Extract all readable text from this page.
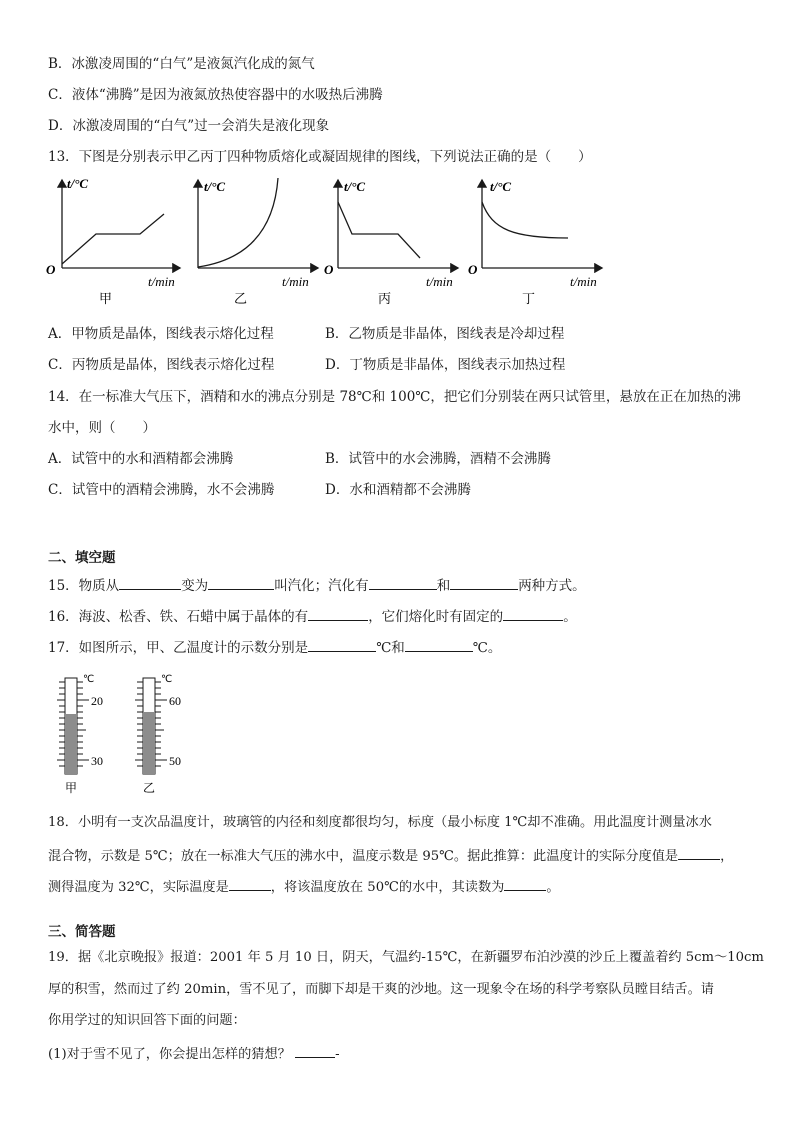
B．冰激凌周围的“白气”是液氮汽化成的氮气
C．液体“沸腾”是因为液氮放热使容器中的水吸热后沸腾
D．冰激凌周围的“白气”过一会消失是液化现象
13．下图是分别表示甲乙丙丁四种物质熔化或凝固规律的图线，下列说法正确的是（　　）
t/°C
O
t/min
甲
t/°C
t/min
乙
t/°C
O
t/min
丙
t/°C
O
t/min
丁
A．甲物质是晶体，图线表示熔化过程	B．乙物质是非晶体，图线表是冷却过程
C．丙物质是晶体，图线表示熔化过程	D．丁物质是非晶体，图线表示加热过程
14．在一标准大气压下，酒精和水的沸点分别是 78℃和 100℃，把它们分别装在两只试管里，悬放在正在加热的沸
水中，则（　　）
A．试管中的水和酒精都会沸腾	B．试管中的水会沸腾，酒精不会沸腾
C．试管中的酒精会沸腾，水不会沸腾	D．水和酒精都不会沸腾
二、填空题
15．物质从	变为	叫汽化；汽化有	和	两种方式。
16．海波、松香、铁、石蜡中属于晶体的有	，它们熔化时有固定的	。
17．如图所示，甲、乙温度计的示数分别是	℃和	℃。
℃
20
30
甲
℃
60
50
乙
18．小明有一支次品温度计，玻璃管的内径和刻度都很均匀，标度（最小标度 1℃却不准确。用此温度计测量冰水
混合物，示数是 5℃；放在一标准大气压的沸水中，温度示数是 95℃。据此推算：此温度计的实际分度值是	，
测得温度为 32℃，实际温度是	，将该温度放在 50℃的水中，其读数为	。
三、简答题
19．据《北京晚报》报道：2001 年 5 月 10 日，阴天，气温约-15℃，在新疆罗布泊沙漠的沙丘上覆盖着约 5cm～10cm
厚的积雪，然而过了约 20min，雪不见了，而脚下却是干爽的沙地。这一现象令在场的科学考察队员瞠目结舌。请
你用学过的知识回答下面的问题：
(1)对于雪不见了，你会提出怎样的猜想？	-
